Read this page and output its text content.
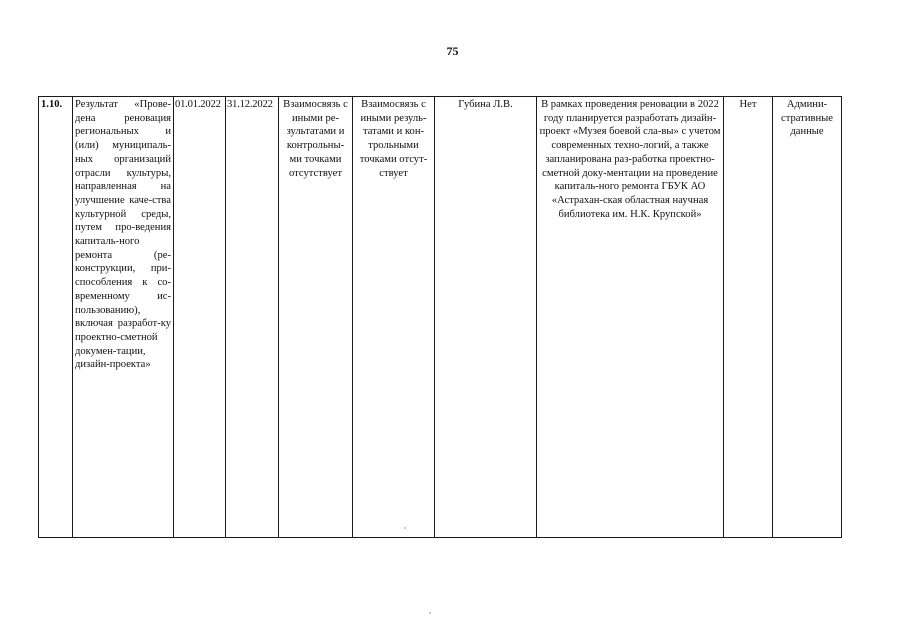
75
1.10.	Результат «Прове-дена реновация региональных и (или) муниципаль-ных организаций отрасли культуры, направленная на улучшение каче-ства культурной среды, путем про-ведения капиталь-ного ремонта (ре-конструкции, при-способления к со-временному ис-пользованию), включая разработ-ку проектно-сметной докумен-тации, дизайн-проекта»	01.01.2022	31.12.2022	Взаимосвязь с иными ре-зультатами и контрольны-ми точками отсутствует	Взаимосвязь с иными резуль-татами и кон-трольными точками отсут-ствует	Губина Л.В.	В рамках проведения реновации в 2022 году планируется разработать дизайн-проект «Музея боевой сла-вы» с учетом современных техно-логий, а также запланирована раз-работка проектно-сметной доку-ментации на проведение капиталь-ного ремонта ГБУК АО «Астрахан-ская областная научная библиотека им. Н.К. Крупской»	Нет	Админи-стративные данные
